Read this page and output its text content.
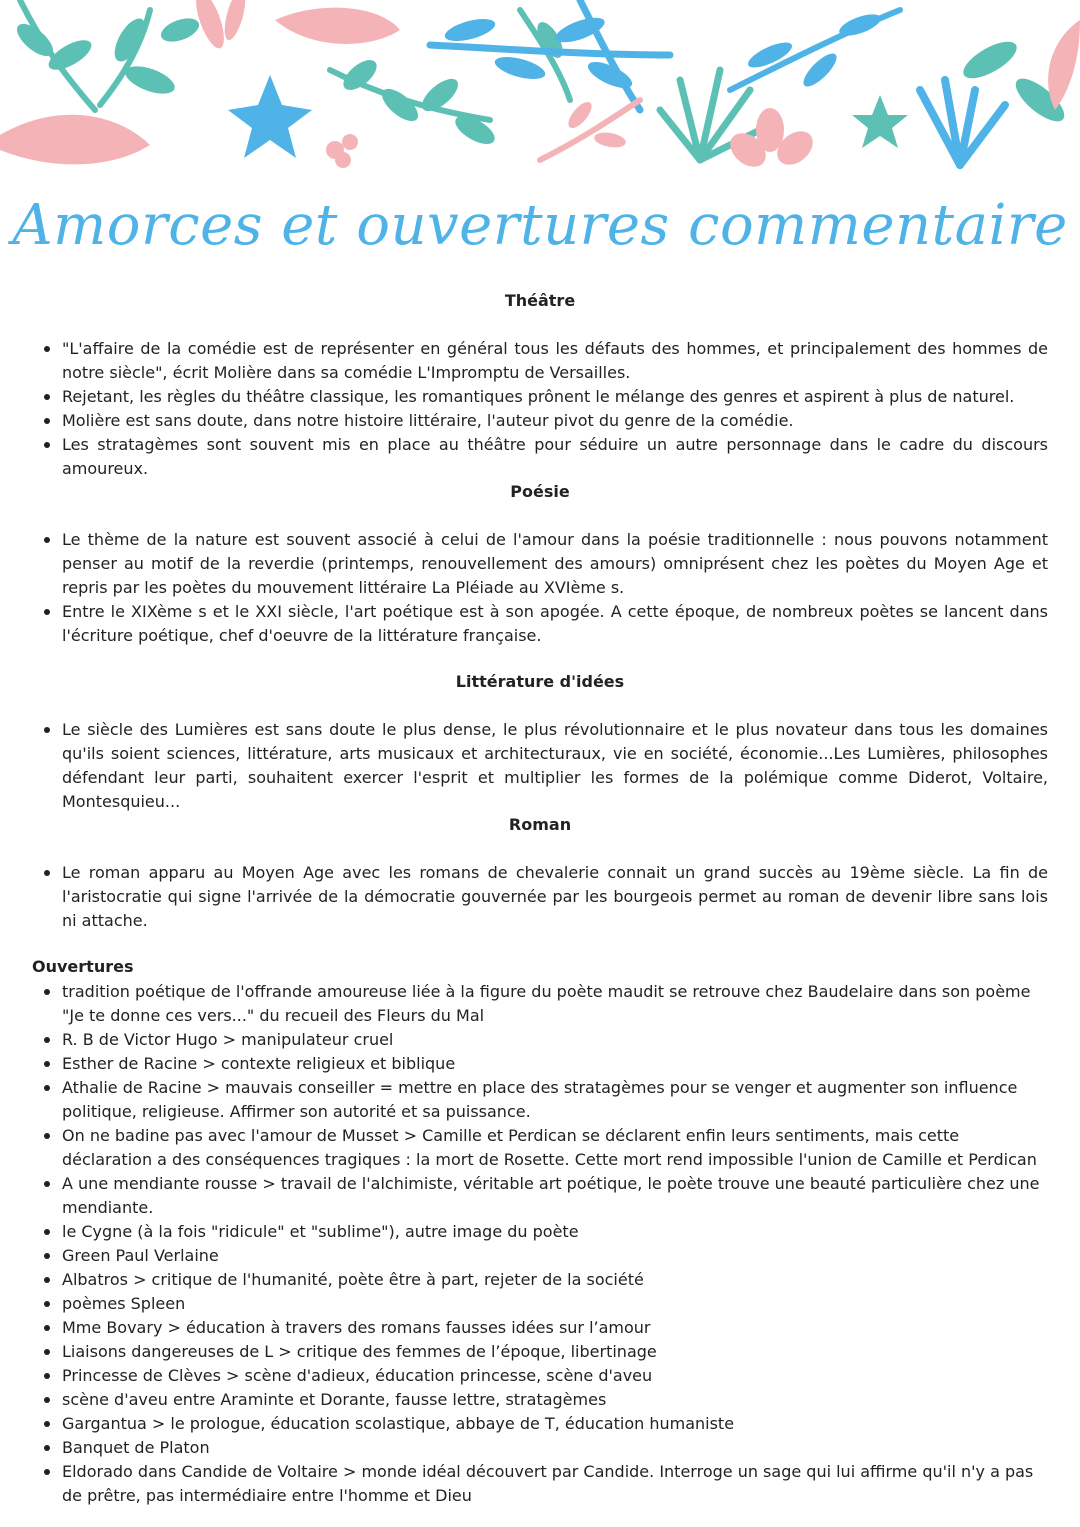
Amorces et ouvertures commentaire
Théâtre
"L'affaire de la comédie est de représenter en général tous les défauts des hommes, et principalement des hommes de notre siècle", écrit Molière dans sa comédie L'Impromptu de Versailles.
Rejetant, les règles du théâtre classique, les romantiques prônent le mélange des genres et aspirent à plus de naturel.
Molière est sans doute, dans notre histoire littéraire, l'auteur pivot du genre de la comédie.
Les stratagèmes sont souvent mis en place au théâtre pour séduire un autre personnage dans le cadre du discours amoureux.
Poésie
Le thème de la nature est souvent associé à celui de l'amour dans la poésie traditionnelle : nous pouvons notamment penser au motif de la reverdie (printemps, renouvellement des amours) omniprésent chez les poètes du Moyen Age et repris par les poètes du mouvement littéraire La Pléiade au XVIème s.
Entre le XIXème s et le XXI siècle, l'art poétique est à son apogée. A cette époque, de nombreux poètes se lancent dans l'écriture poétique, chef d'oeuvre de la littérature française.
Littérature d'idées
Le siècle des Lumières est sans doute le plus dense, le plus révolutionnaire et le plus novateur dans tous les domaines qu'ils soient sciences, littérature, arts musicaux et architecturaux, vie en société, économie...Les Lumières, philosophes défendant leur parti, souhaitent exercer l'esprit et multiplier les formes de la polémique comme Diderot, Voltaire, Montesquieu...
Roman
Le roman apparu au Moyen Age avec les romans de chevalerie connait un grand succès au 19ème siècle. La fin de l'aristocratie qui signe l'arrivée de la démocratie gouvernée par les bourgeois permet au roman de devenir libre sans lois ni attache.
Ouvertures
tradition poétique de l'offrande amoureuse liée à la figure du poète maudit se retrouve chez Baudelaire dans son poème "Je te donne ces vers..." du recueil des Fleurs du Mal
R. B de Victor Hugo > manipulateur cruel
Esther de Racine > contexte religieux et biblique
Athalie de Racine > mauvais conseiller = mettre en place des stratagèmes pour se venger et augmenter son influence politique, religieuse. Affirmer son autorité et sa puissance.
On ne badine pas avec l'amour de Musset > Camille et Perdican se déclarent enfin leurs sentiments, mais cette déclaration a des conséquences tragiques : la mort de Rosette. Cette mort rend impossible l'union de Camille et Perdican
A une mendiante rousse > travail de l'alchimiste, véritable art poétique, le poète trouve une beauté particulière chez une mendiante.
le Cygne (à la fois "ridicule" et "sublime"), autre image du poète
Green Paul Verlaine
Albatros > critique de l'humanité, poète être à part, rejeter de la société
poèmes Spleen
Mme Bovary > éducation à travers des romans fausses idées sur l’amour
Liaisons dangereuses de L > critique des femmes de l’époque, libertinage
Princesse de Clèves > scène d'adieux, éducation princesse, scène d'aveu
scène d'aveu entre Araminte et Dorante, fausse lettre, stratagèmes
Gargantua > le prologue, éducation scolastique, abbaye de T, éducation humaniste
Banquet de Platon
Eldorado dans Candide de Voltaire > monde idéal découvert par Candide. Interroge un sage qui lui affirme qu'il n'y a pas de prêtre, pas intermédiaire entre l'homme et Dieu
